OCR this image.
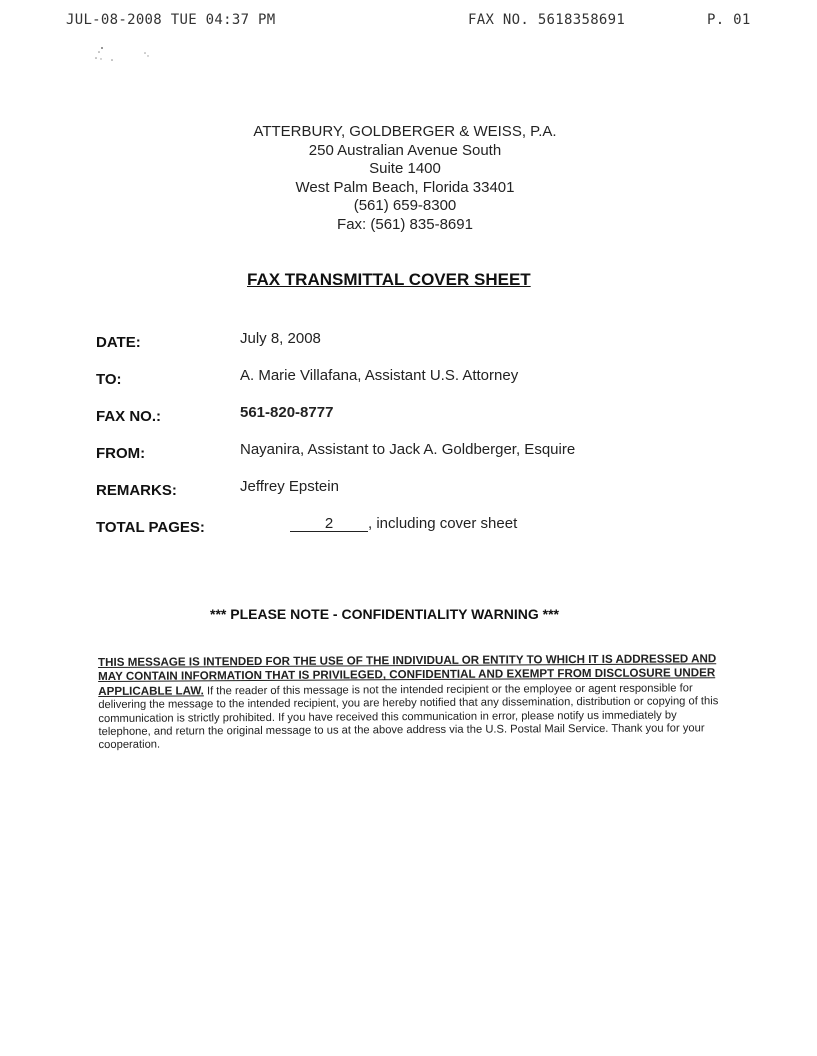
JUL-08-2008 TUE 04:37 PM	FAX NO. 5618358691	P. 01
ATTERBURY, GOLDBERGER & WEISS, P.A.
250 Australian Avenue South
Suite 1400
West Palm Beach, Florida 33401
(561) 659-8300
Fax: (561) 835-8691
FAX TRANSMITTAL COVER SHEET
DATE:	July 8, 2008
TO:	A. Marie Villafana, Assistant U.S. Attorney
FAX NO.:	561-820-8777
FROM:	Nayanira, Assistant to Jack A. Goldberger, Esquire
REMARKS:	Jeffrey Epstein
TOTAL PAGES:	2 , including cover sheet
*** PLEASE NOTE - CONFIDENTIALITY WARNING ***
THIS MESSAGE IS INTENDED FOR THE USE OF THE INDIVIDUAL OR ENTITY TO WHICH IT IS ADDRESSED AND MAY CONTAIN INFORMATION THAT IS PRIVILEGED, CONFIDENTIAL AND EXEMPT FROM DISCLOSURE UNDER APPLICABLE LAW. If the reader of this message is not the intended recipient or the employee or agent responsible for delivering the message to the intended recipient, you are hereby notified that any dissemination, distribution or copying of this communication is strictly prohibited. If you have received this communication in error, please notify us immediately by telephone, and return the original message to us at the above address via the U.S. Postal Mail Service. Thank you for your cooperation.
